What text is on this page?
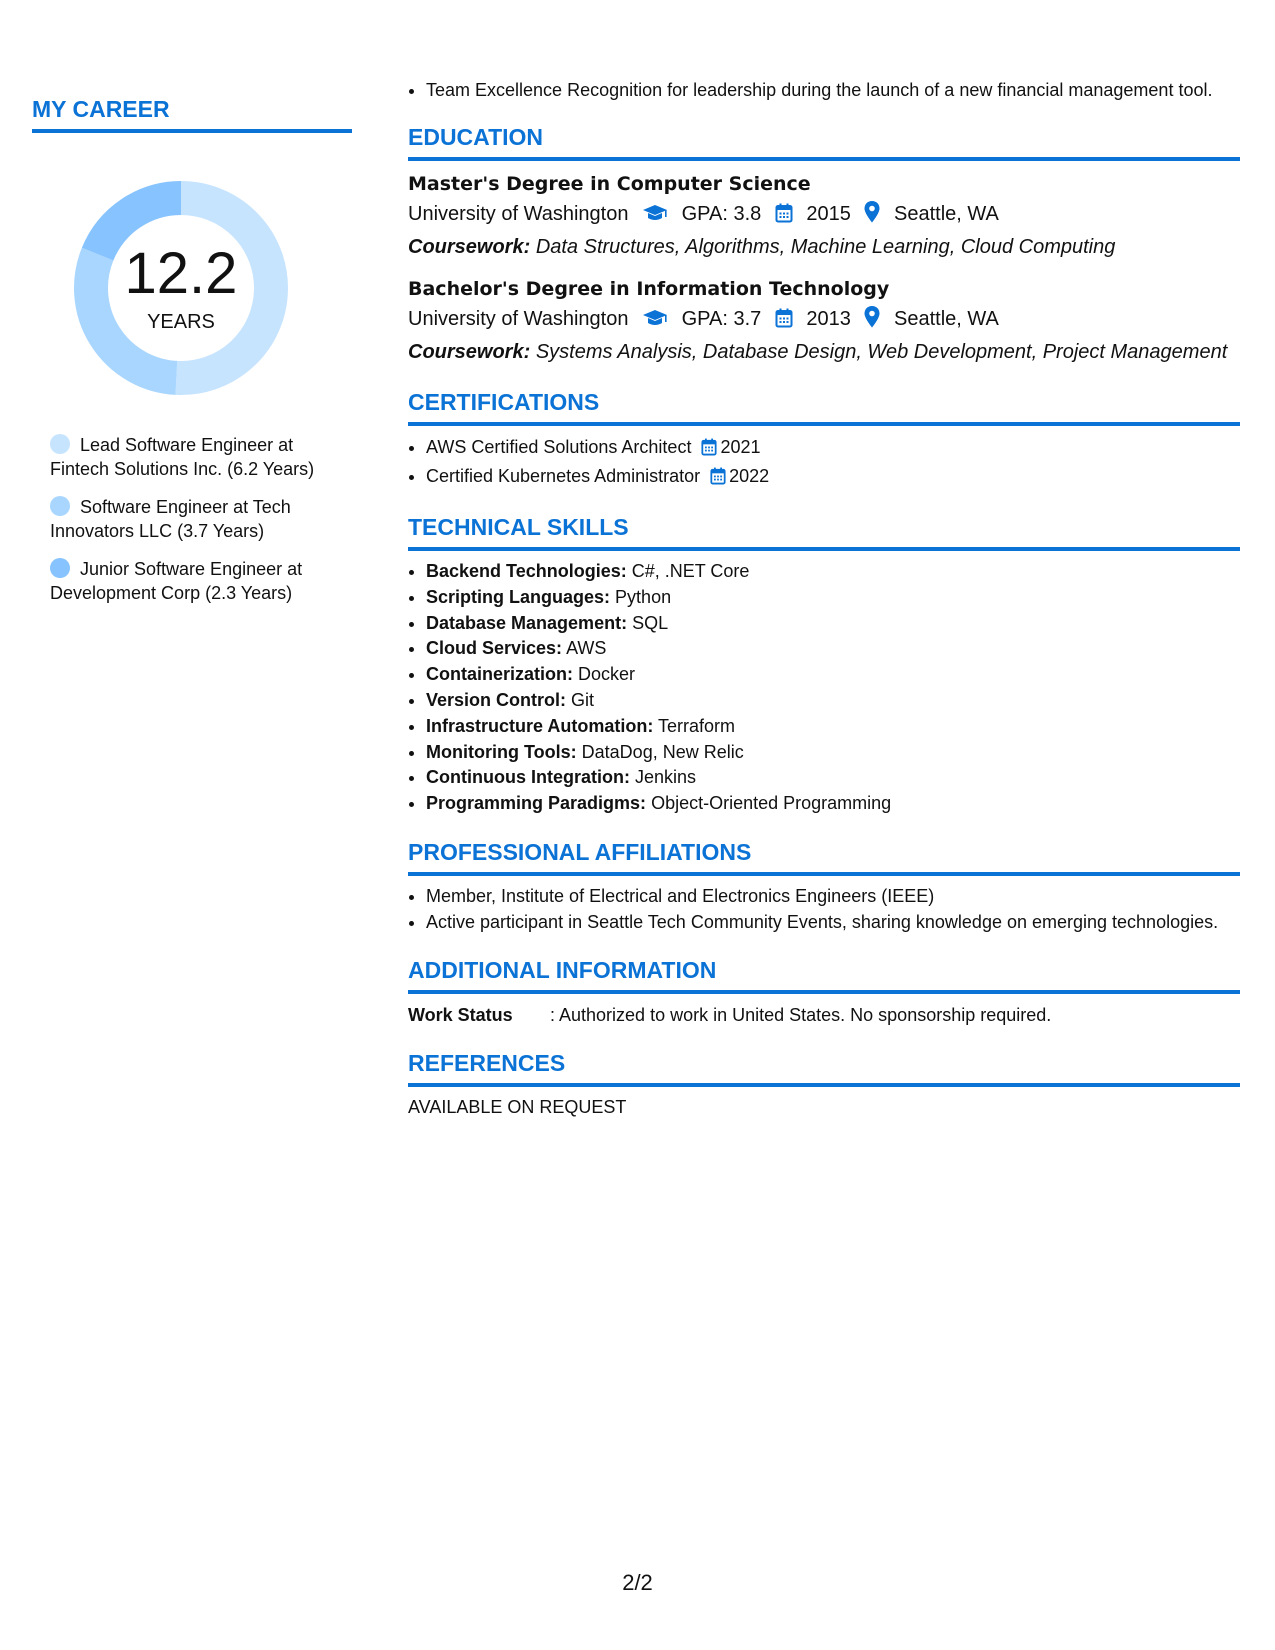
MY CAREER
12.2
YEARS
Lead Software Engineer at Fintech Solutions Inc. (6.2 Years)
Software Engineer at Tech Innovators LLC (3.7 Years)
Junior Software Engineer at Development Corp (2.3 Years)
• Team Excellence Recognition for leadership during the launch of a new financial management tool.
EDUCATION
Master's Degree in Computer Science
University of Washington	GPA: 3.8 2015 Seattle, WA
Coursework: Data Structures, Algorithms, Machine Learning, Cloud Computing
Bachelor's Degree in Information Technology
University of Washington	GPA: 3.7 2013 Seattle, WA
Coursework: Systems Analysis, Database Design, Web Development, Project Management
CERTIFICATIONS
• AWS Certified Solutions Architect 2021
• Certified Kubernetes Administrator 2022
TECHNICAL SKILLS
• Backend Technologies: C#, .NET Core
• Scripting Languages: Python
• Database Management: SQL
• Cloud Services: AWS
• Containerization: Docker
• Version Control: Git
• Infrastructure Automation: Terraform
• Monitoring Tools: DataDog, New Relic
• Continuous Integration: Jenkins
• Programming Paradigms: Object-Oriented Programming
PROFESSIONAL AFFILIATIONS
• Member, Institute of Electrical and Electronics Engineers (IEEE)
• Active participant in Seattle Tech Community Events, sharing knowledge on emerging technologies.
ADDITIONAL INFORMATION
Work Status : Authorized to work in United States. No sponsorship required.
REFERENCES
AVAILABLE ON REQUEST
2/2
